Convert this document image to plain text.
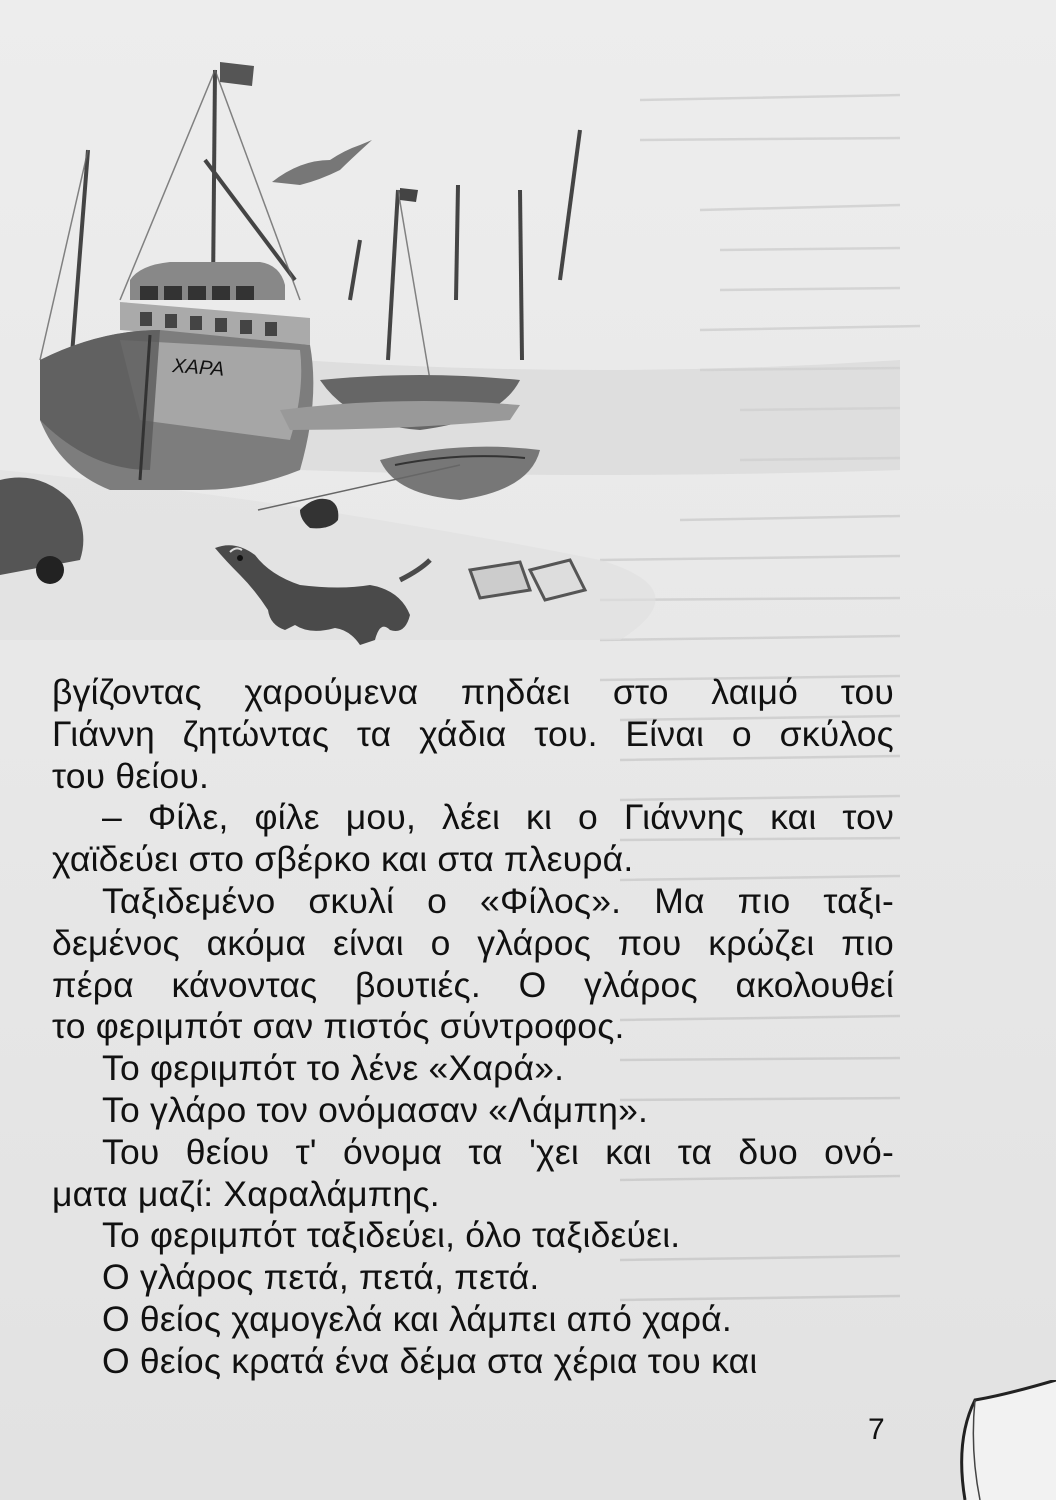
ΧΑΡΑ
βγίζοντας χαρούμενα πηδάει στο λαιμό του
Γιάννη ζητώντας τα χάδια του. Είναι ο σκύλος
του θείου.
– Φίλε, φίλε μου, λέει κι ο Γιάννης και τον
χαϊδεύει στο σβέρκο και στα πλευρά.
Ταξιδεμένο σκυλί ο «Φίλος». Μα πιο ταξι-
δεμένος ακόμα είναι ο γλάρος που κρώζει πιο
πέρα κάνοντας βουτιές. Ο γλάρος ακολουθεί
το φεριμπότ σαν πιστός σύντροφος.
Το φεριμπότ το λένε «Χαρά».
Το γλάρο τον ονόμασαν «Λάμπη».
Του θείου τ' όνομα τα 'χει και τα δυο ονό-
ματα μαζί: Χαραλάμπης.
Το φεριμπότ ταξιδεύει, όλο ταξιδεύει.
Ο γλάρος πετά, πετά, πετά.
Ο θείος χαμογελά και λάμπει από χαρά.
Ο θείος κρατά ένα δέμα στα χέρια του και
7
